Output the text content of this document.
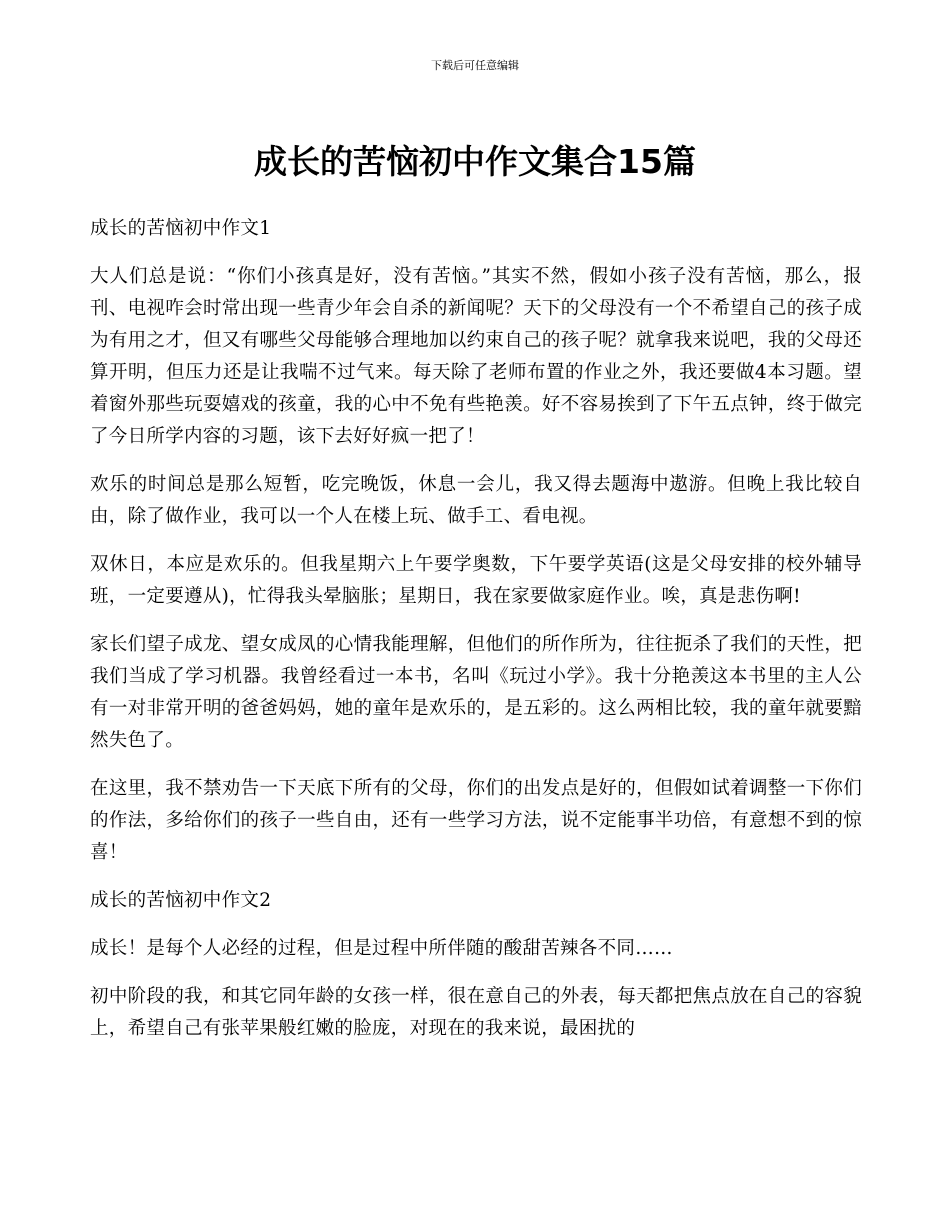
下载后可任意编辑
成长的苦恼初中作文集合15篇

成长的苦恼初中作文1

大人们总是说：“你们小孩真是好，没有苦恼。”其实不然，假如小孩子没有苦恼，那么，报刊、电视咋会时常出现一些青少年会自杀的新闻呢？天下的父母没有一个不希望自己的孩子成为有用之才，但又有哪些父母能够合理地加以约束自己的孩子呢？就拿我来说吧，我的父母还算开明，但压力还是让我喘不过气来。每天除了老师布置的作业之外，我还要做4本习题。望着窗外那些玩耍嬉戏的孩童，我的心中不免有些艳羡。好不容易挨到了下午五点钟，终于做完了今日所学内容的习题，该下去好好疯一把了！

欢乐的时间总是那么短暂，吃完晚饭，休息一会儿，我又得去题海中遨游。但晚上我比较自由，除了做作业，我可以一个人在楼上玩、做手工、看电视。

双休日，本应是欢乐的。但我星期六上午要学奥数，下午要学英语(这是父母安排的校外辅导班，一定要遵从)，忙得我头晕脑胀；星期日，我在家要做家庭作业。唉，真是悲伤啊!

家长们望子成龙、望女成凤的心情我能理解，但他们的所作所为，往往扼杀了我们的天性，把我们当成了学习机器。我曾经看过一本书，名叫《玩过小学》。我十分艳羡这本书里的主人公有一对非常开明的爸爸妈妈，她的童年是欢乐的，是五彩的。这么两相比较，我的童年就要黯然失色了。

在这里，我不禁劝告一下天底下所有的父母，你们的出发点是好的，但假如试着调整一下你们的作法，多给你们的孩子一些自由，还有一些学习方法，说不定能事半功倍，有意想不到的惊喜！

成长的苦恼初中作文2

成长！是每个人必经的过程，但是过程中所伴随的酸甜苦辣各不同……

初中阶段的我，和其它同年龄的女孩一样，很在意自己的外表，每天都把焦点放在自己的容貌上，希望自己有张苹果般红嫩的脸庞，对现在的我来说，最困扰的
